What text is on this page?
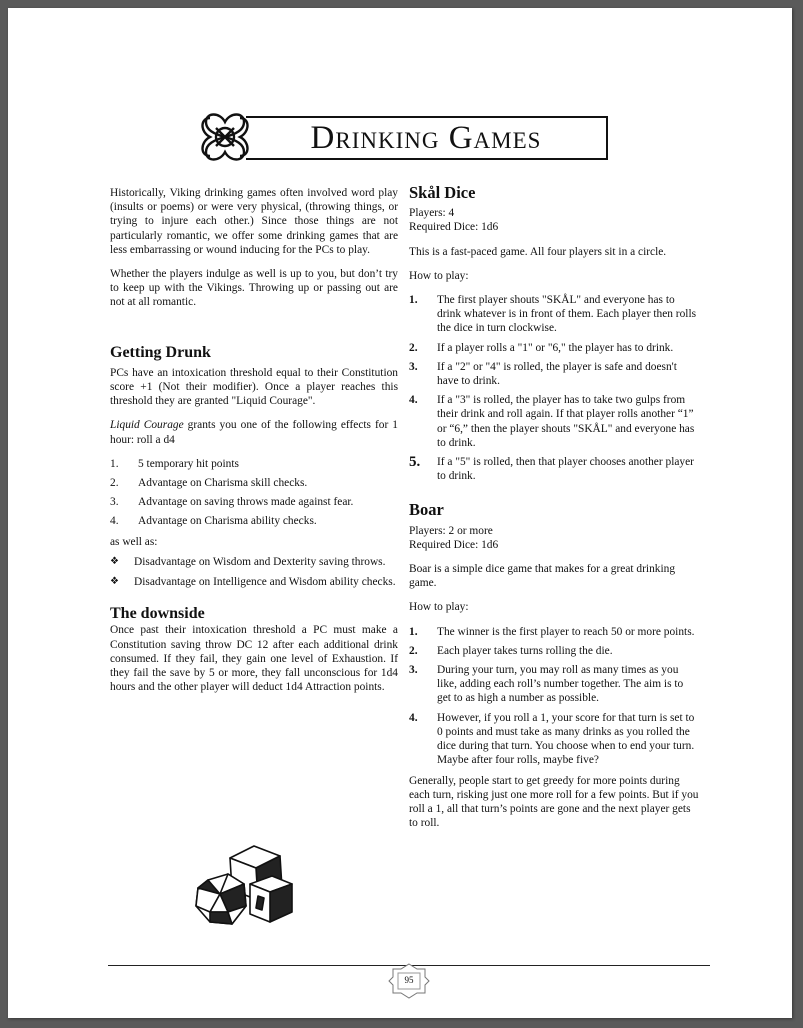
Drinking Games

Historically, Viking drinking games often involved word play (insults or poems) or were very physical, (throwing things, or trying to injure each other.) Since those things are not particularly romantic, we offer some drinking games that are less embarrassing or wound inducing for the PCs to play.

Whether the players indulge as well is up to you, but don’t try to keep up with the Vikings. Throwing up or passing out are not at all romantic.

Getting Drunk

PCs have an intoxication threshold equal to their Constitution score +1 (Not their modifier). Once a player reaches this threshold they are granted "Liquid Courage".

Liquid Courage grants you one of the following effects for 1 hour: roll a d4

1.	5 temporary hit points
2.	Advantage on Charisma skill checks.
3.	Advantage on saving throws made against fear.
4.	Advantage on Charisma ability checks.

as well as:

❖	Disadvantage on Wisdom and Dexterity saving throws.
❖	Disadvantage on Intelligence and Wisdom ability checks.
The downside

Once past their intoxication threshold a PC must make a Constitution saving throw DC 12 after each additional drink consumed. If they fail, they gain one level of Exhaustion. If they fail the save by 5 or more, they fall unconscious for 1d4 hours and the other player will deduct 1d4 Attraction points.

Skål Dice

Players: 4
Required Dice: 1d6

This is a fast-paced game. All four players sit in a circle.

How to play:

1.	The first player shouts "SKÅL" and everyone has to drink whatever is in front of them. Each player then rolls the dice in turn clockwise.
2.	If a player rolls a "1" or "6," the player has to drink.
3.	If a "2" or "4" is rolled, the player is safe and doesn't have to drink.
4.	If a "3" is rolled, the player has to take two gulps from their drink and roll again. If that player rolls another “1” or “6,” then the player shouts "SKÅL" and everyone has to drink.
5.	If a "5" is rolled, then that player chooses another player to drink.
Boar

Players: 2 or more
Required Dice: 1d6

Boar is a simple dice game that makes for a great drinking game.

How to play:

1.	The winner is the first player to reach 50 or more points.
2.	Each player takes turns rolling the die.
3.	During your turn, you may roll as many times as you like, adding each roll’s number together. The aim is to get to as high a number as possible.
4.	However, if you roll a 1, your score for that turn is set to 0 points and must take as many drinks as you rolled the dice during that turn. You choose when to end your turn. Maybe after four rolls, maybe five?

Generally, people start to get greedy for more points during each turn, risking just one more roll for a few points. But if you roll a 1, all that turn’s points are gone and the next player gets to roll.

95
